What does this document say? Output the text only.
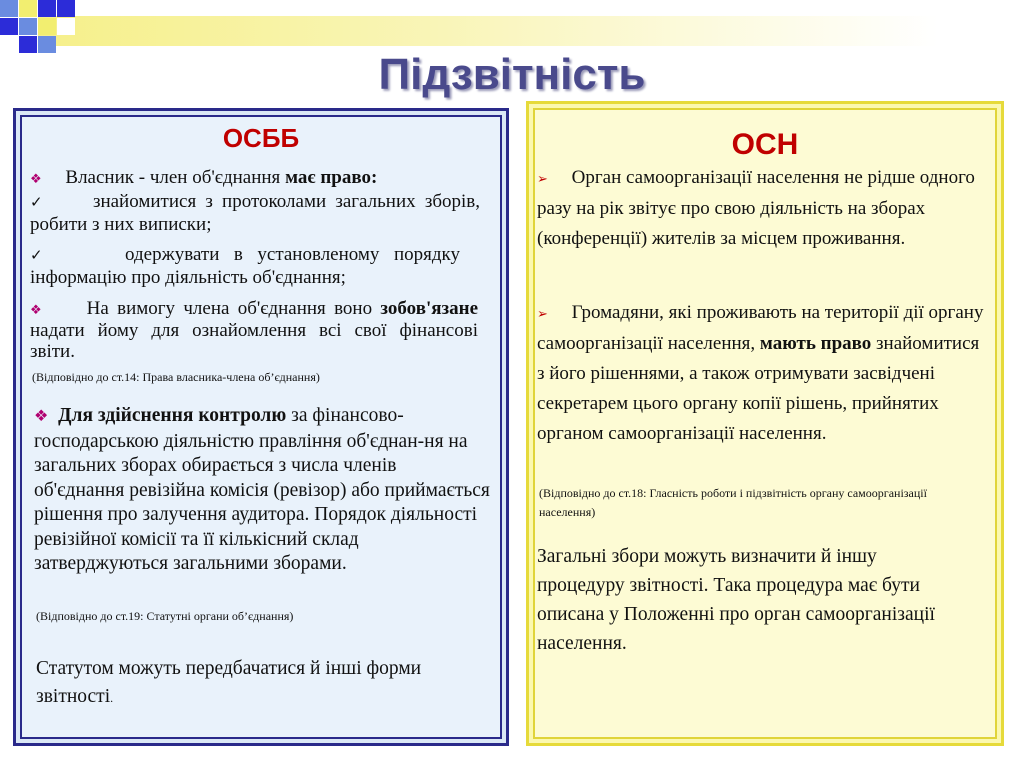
Підзвітність
ОСББ
❖ Власник - член об'єднання має право:
✓ знайомитися з протоколами загальних зборів, робити з них виписки;
✓	одержувати в установленому порядку інформацію про діяльність об'єднання;
❖ На вимогу члена об'єднання воно зобов'язане надати йому для ознайомлення всі свої фінансові звіти.
(Відповідно до ст.14: Права власника-члена об’єднання)
❖ Для здійснення контролю за фінансово-господарською діяльністю правління об'єднан-ня на загальних зборах обирається з числа членів об'єднання ревізійна комісія (ревізор) або приймається рішення про залучення аудитора. Порядок діяльності ревізійної комісії та її кількісний склад затверджуються загальними зборами.
(Відповідно до ст.19: Статутні органи об’єднання)
Статутом можуть передбачатися й інші форми звітності.
ОСН
➢ Орган самоорганізації населення не рідше одного разу на рік звітує про свою діяльність на зборах (конференції) жителів за місцем проживання.
➢ Громадяни, які проживають на території дії органу самоорганізації населення, мають право знайомитися з його рішеннями, а також отримувати засвідчені секретарем цього органу копії рішень, прийнятих органом самоорганізації населення.
(Відповідно до ст.18: Гласність роботи і підзвітність органу самоорганізації населення)
Загальні збори можуть визначити й іншу процедуру звітності. Така процедура має бути описана у Положенні про орган самоорганізації населення.
